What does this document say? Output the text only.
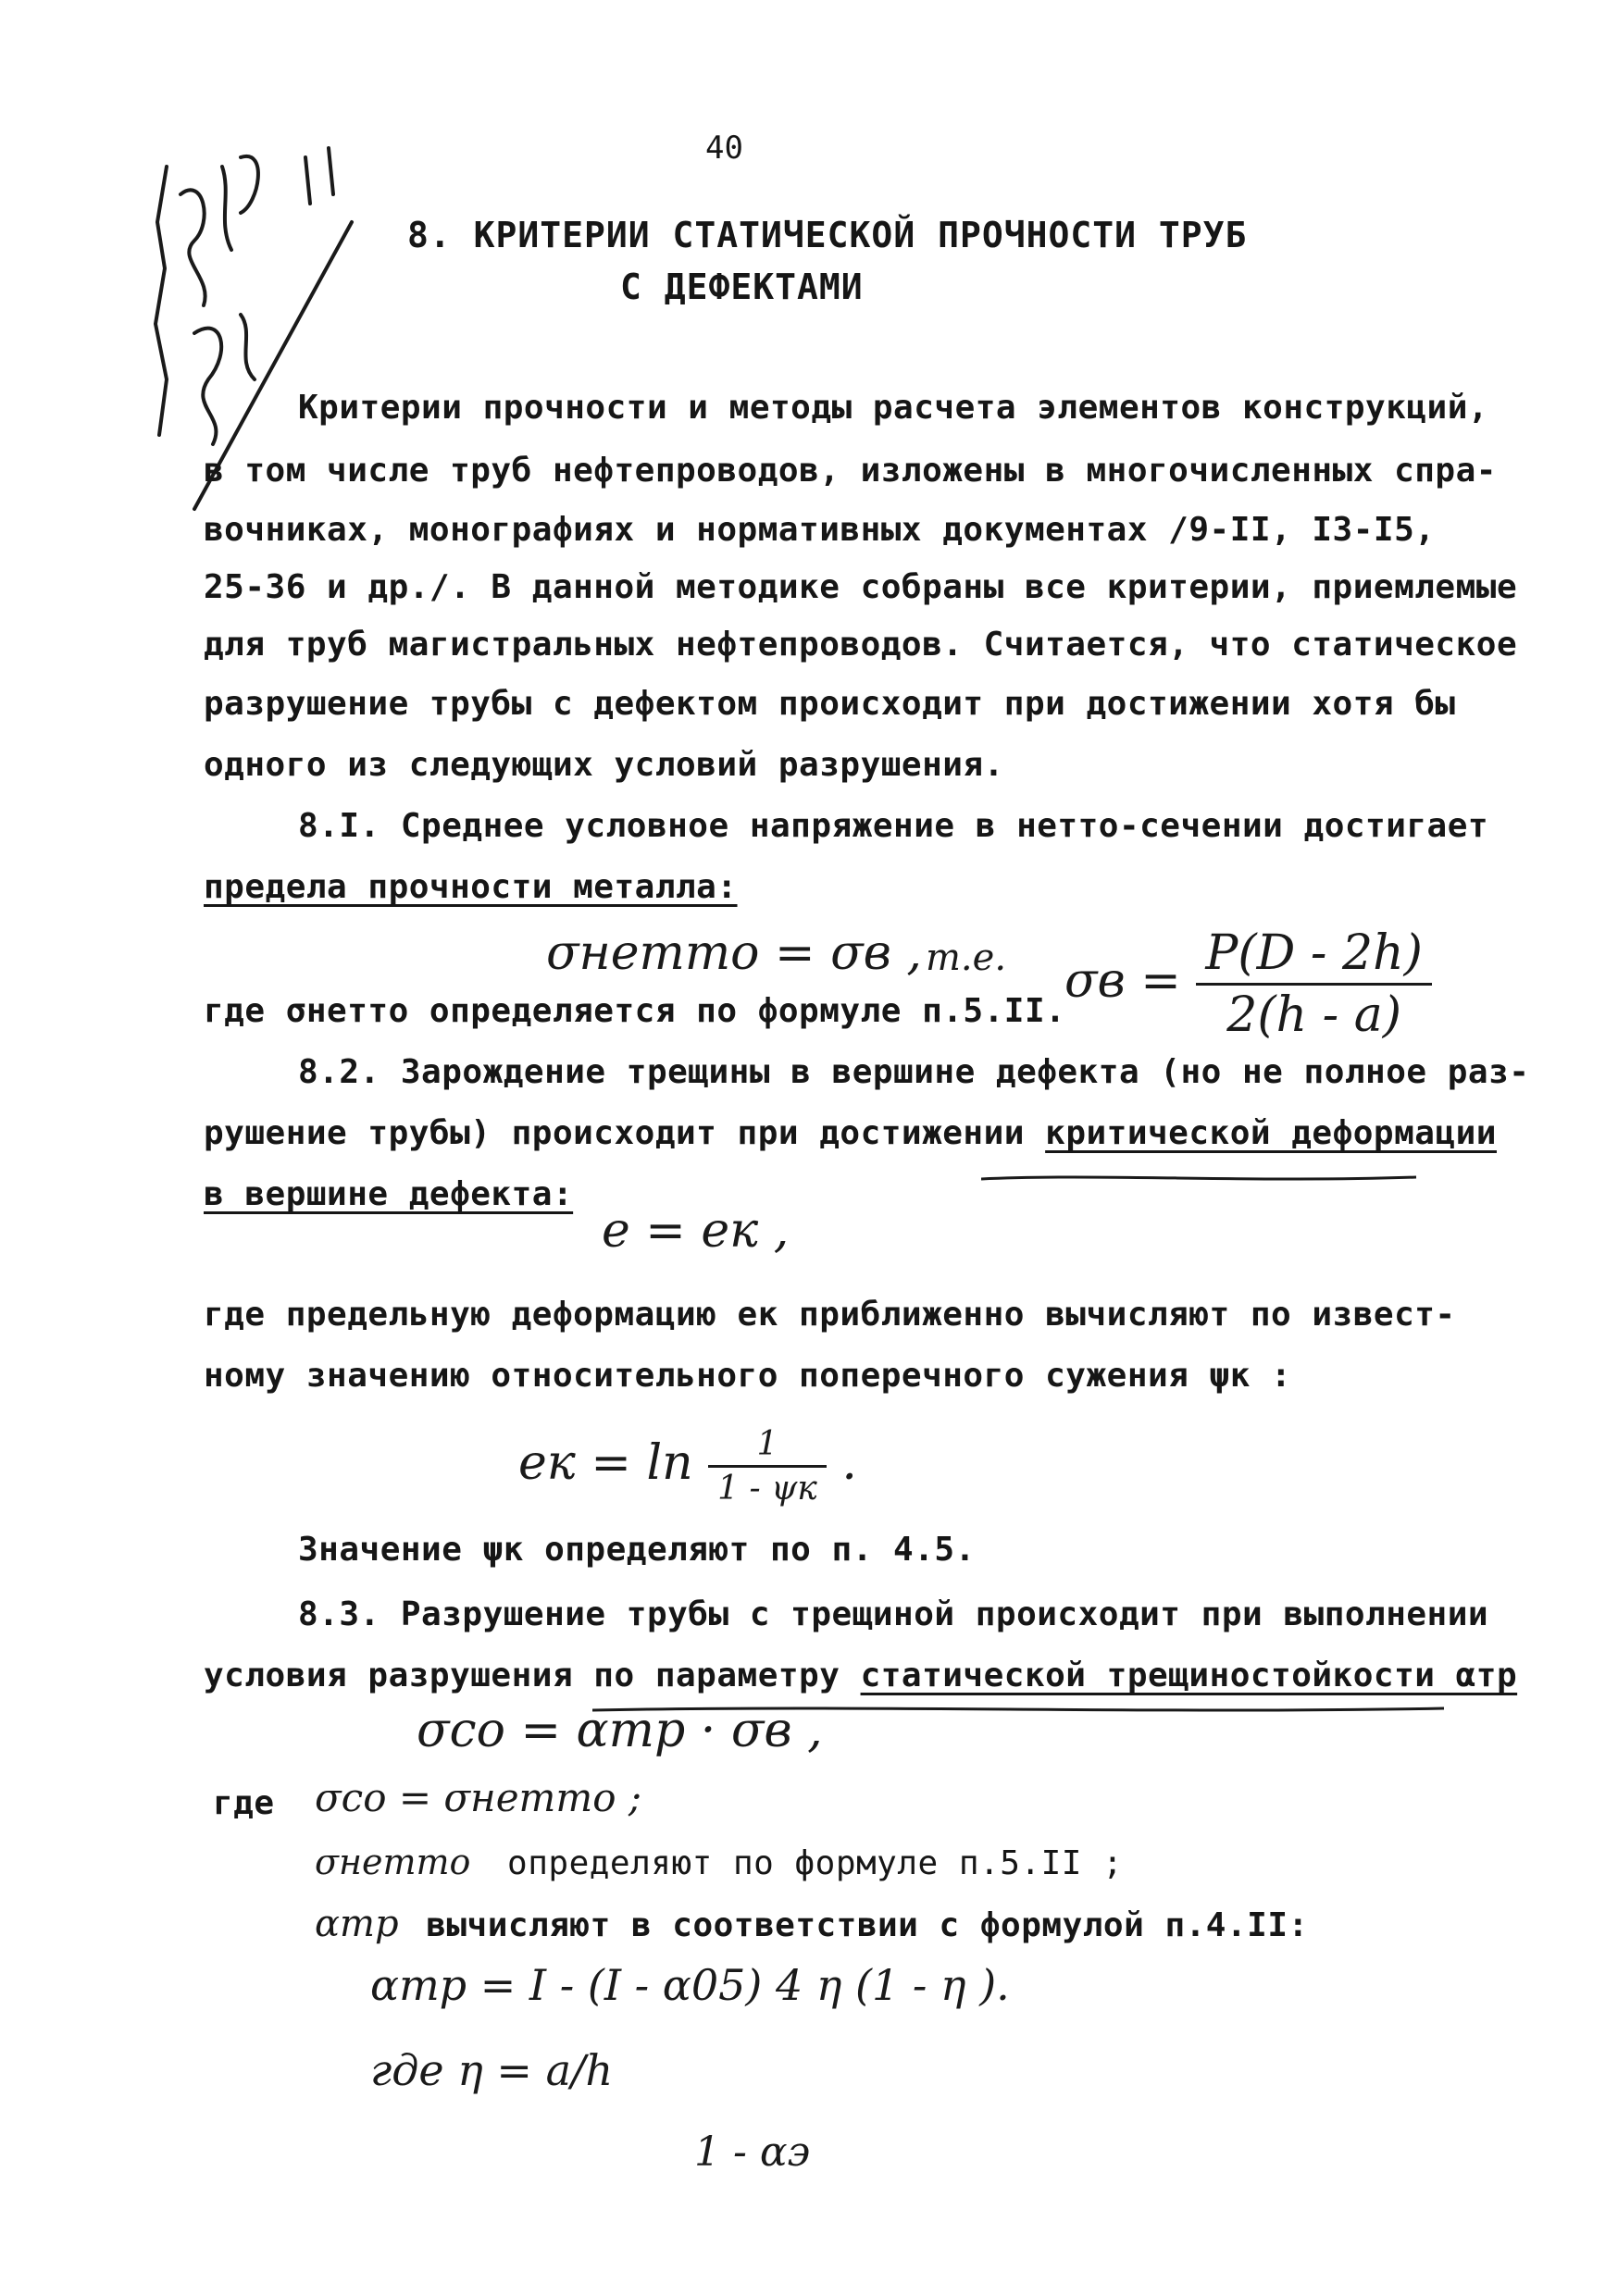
40
8. КРИТЕРИИ СТАТИЧЕСКОЙ ПРОЧНОСТИ ТРУБ
С ДЕФЕКТАМИ
Критерии прочности и методы расчета элементов конструкций,
в том числе труб нефтепроводов, изложены в многочисленных спра-
вочниках, монографиях и нормативных документах /9-II, I3-I5,
25-36 и др./. В данной методике собраны все критерии, приемлемые
для труб магистральных нефтепроводов. Считается, что статическое
разрушение трубы с дефектом происходит при достижении хотя бы
одного из следующих условий разрушения.
8.I. Среднее условное напряжение в нетто-сечении достигает
предела прочности металла:
σнетто = σв , т.е. $\sigma в = \frac{P(D - 2h)}{2(h - a)}$
где σнетто определяется по формуле п.5.II.
8.2. Зарождение трещины в вершине дефекта (но не полное раз-
рушение трубы) происходит при достижении критической деформации
в вершине дефекта:
e = eк ,
где предельную деформацию eк приближенно вычисляют по извест-
ному значению относительного поперечного сужения ψк :
eк = $\ln \frac{1}{1 - \psi к}$ .
Значение ψк определяют по п. 4.5.
8.3. Разрушение трубы с трещиной происходит при выполнении
условия разрушения по параметру статической трещиностойкости αтр
σco = αтр · σв ,
где σco = σнетто ;
σнетто определяют по формуле п.5.II ;
αтр вычисляют в соответствии с формулой п.4.II:
αтр = I - (I - α05) 4 η (1 - η ).
где η = a/h
1 - αэ
